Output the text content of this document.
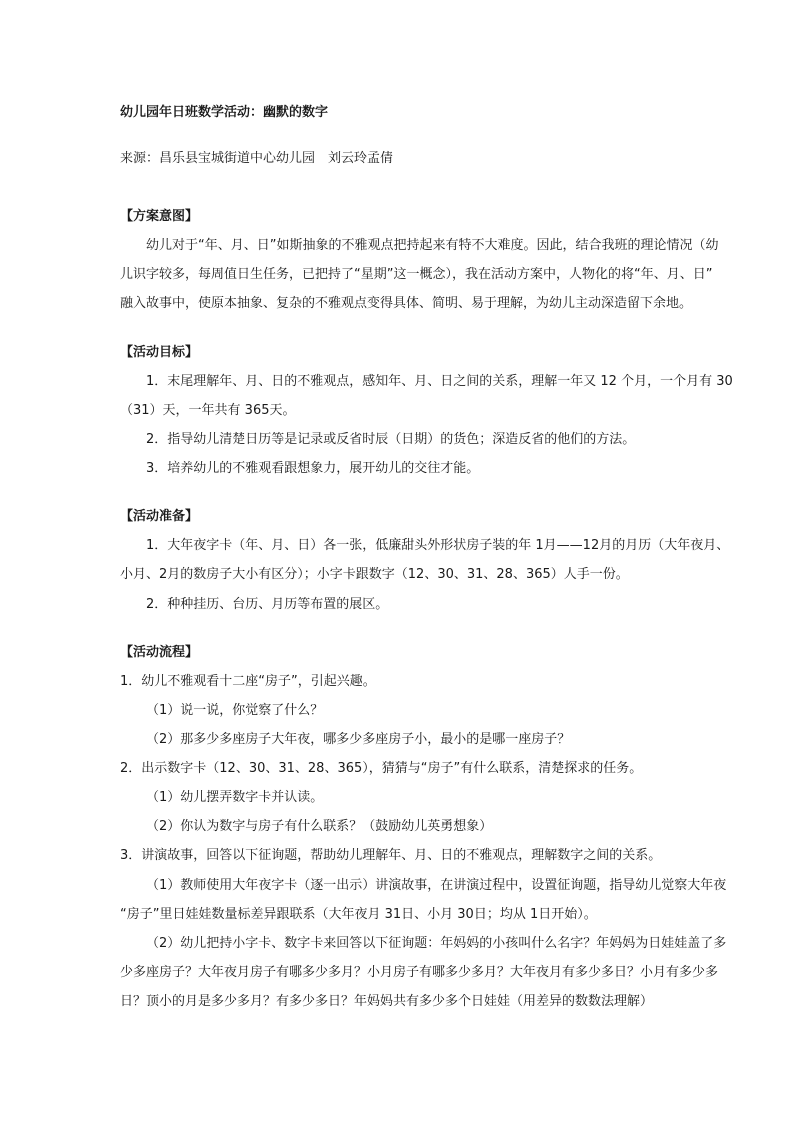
幼儿园年日班数学活动：幽默的数字
来源：昌乐县宝城街道中心幼儿园　刘云玲孟倩
【方案意图】
幼儿对于“年、月、日”如斯抽象的不雅观点把持起来有特不大难度。因此，结合我班的理论情况（幼
儿识字较多，每周值日生任务，已把持了“星期”这一概念），我在活动方案中，人物化的将“年、月、日”
融入故事中，使原本抽象、复杂的不雅观点变得具体、简明、易于理解，为幼儿主动深造留下余地。
【活动目标】
1．末尾理解年、月、日的不雅观点，感知年、月、日之间的关系，理解一年又 12 个月，一个月有 30
（31）天，一年共有 365天。
2．指导幼儿清楚日历等是记录或反省时辰（日期）的货色；深造反省的他们的方法。
3．培养幼儿的不雅观看跟想象力，展开幼儿的交往才能。
【活动准备】
1．大年夜字卡（年、月、日）各一张，低廉甜头外形状房子装的年 1月——12月的月历（大年夜月、
小月、2月的数房子大小有区分）；小字卡跟数字（12、30、31、28、365）人手一份。
2．种种挂历、台历、月历等布置的展区。
【活动流程】
1．幼儿不雅观看十二座“房子”，引起兴趣。
（1）说一说，你觉察了什么？
（2）那多少多座房子大年夜，哪多少多座房子小，最小的是哪一座房子？
2．出示数字卡（12、30、31、28、365），猜猜与“房子”有什么联系，清楚探求的任务。
（1）幼儿摆弄数字卡并认读。
（2）你认为数字与房子有什么联系？（鼓励幼儿英勇想象）
3．讲演故事，回答以下征询题，帮助幼儿理解年、月、日的不雅观点，理解数字之间的关系。
（1）教师使用大年夜字卡（逐一出示）讲演故事，在讲演过程中，设置征询题，指导幼儿觉察大年夜
“房子”里日娃娃数量标差异跟联系（大年夜月 31日、小月 30日；均从 1日开始）。
（2）幼儿把持小字卡、数字卡来回答以下征询题：年妈妈的小孩叫什么名字？年妈妈为日娃娃盖了多
少多座房子？大年夜月房子有哪多少多月？小月房子有哪多少多月？大年夜月有多少多日？小月有多少多
日？顶小的月是多少多月？有多少多日？年妈妈共有多少多个日娃娃（用差异的数数法理解）
